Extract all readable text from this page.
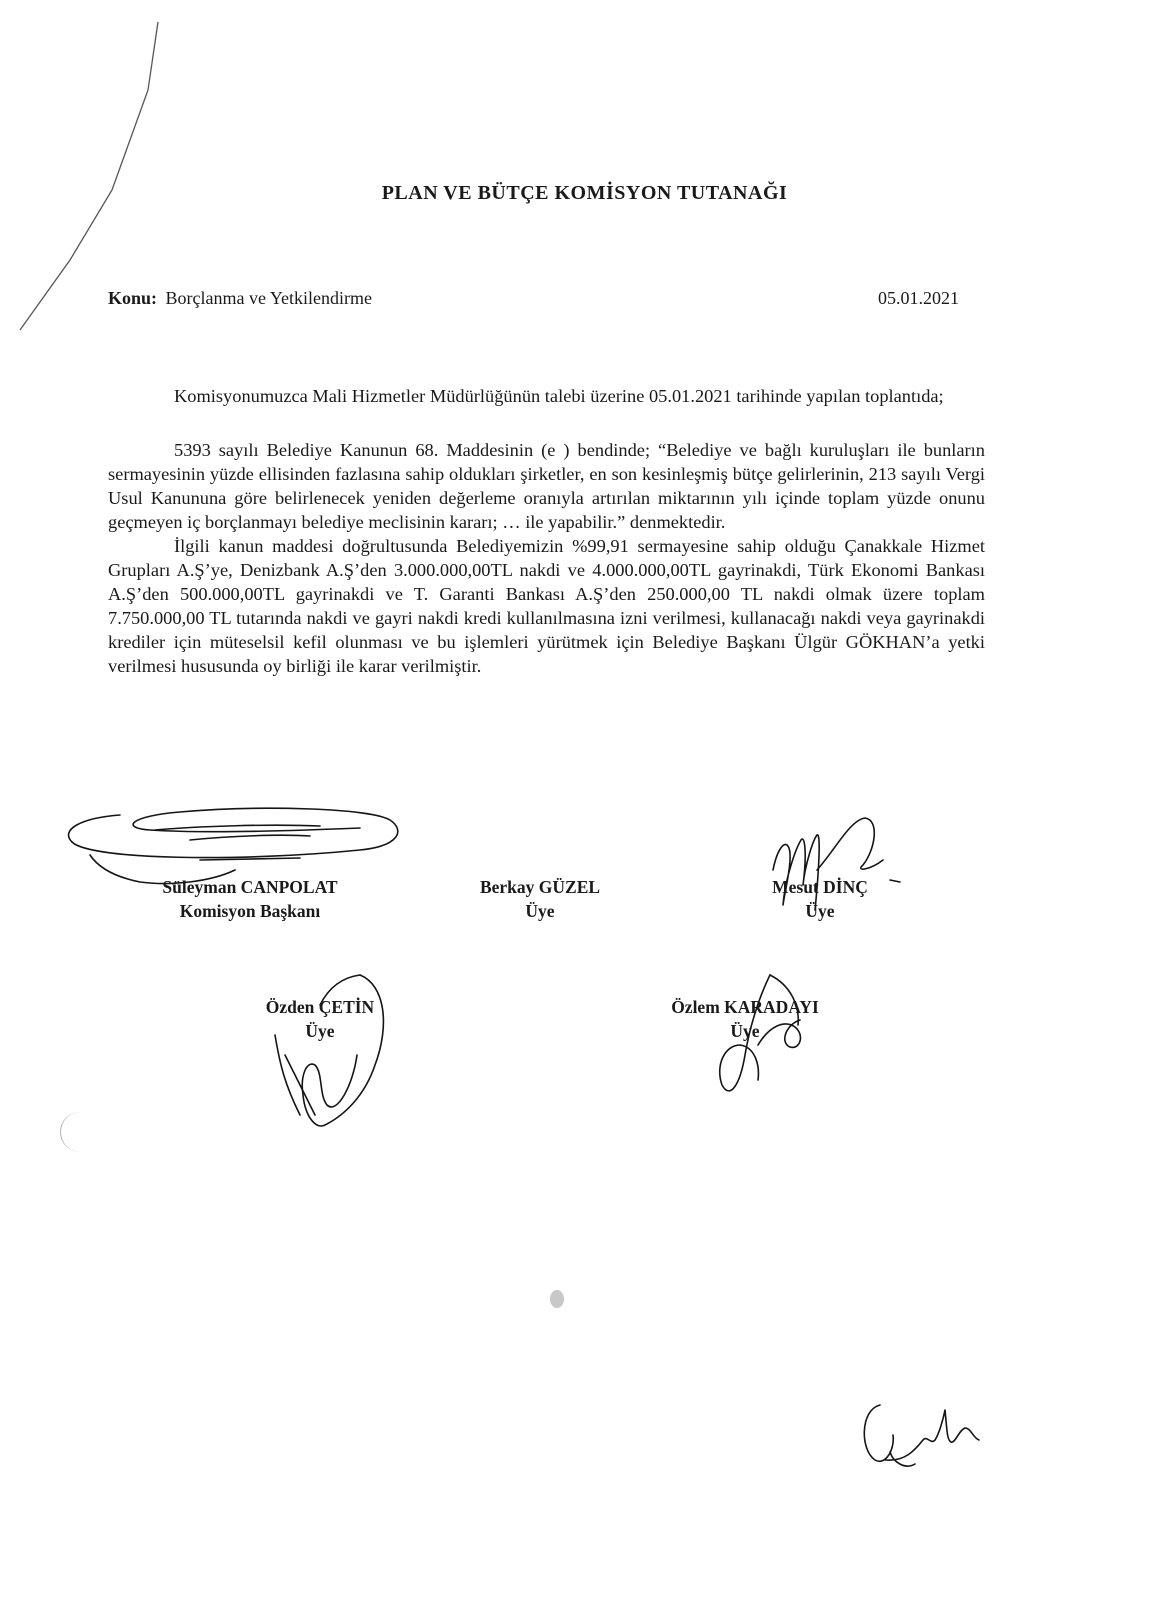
PLAN VE BÜTÇE KOMİSYON TUTANAĞI
Konu: Borçlanma ve Yetkilendirme	05.01.2021

Komisyonumuzca Mali Hizmetler Müdürlüğünün talebi üzerine 05.01.2021 tarihinde yapılan toplantıda;

5393 sayılı Belediye Kanunun 68. Maddesinin (e ) bendinde; “Belediye ve bağlı kuruluşları ile bunların sermayesinin yüzde ellisinden fazlasına sahip oldukları şirketler, en son kesinleşmiş bütçe gelirlerinin, 213 sayılı Vergi Usul Kanununa göre belirlenecek yeniden değerleme oranıyla artırılan miktarının yılı içinde toplam yüzde onunu geçmeyen iç borçlanmayı belediye meclisinin kararı; … ile yapabilir.” denmektedir.

İlgili kanun maddesi doğrultusunda Belediyemizin %99,91 sermayesine sahip olduğu Çanakkale Hizmet Grupları A.Ş’ye, Denizbank A.Ş’den 3.000.000,00TL nakdi ve 4.000.000,00TL gayrinakdi, Türk Ekonomi Bankası A.Ş’den 500.000,00TL gayrinakdi ve T. Garanti Bankası A.Ş’den 250.000,00 TL nakdi olmak üzere toplam 7.750.000,00 TL tutarında nakdi ve gayri nakdi kredi kullanılmasına izni verilmesi, kullanacağı nakdi veya gayrinakdi krediler için müteselsil kefil olunması ve bu işlemleri yürütmek için Belediye Başkanı Ülgür GÖKHAN’a yetki verilmesi hususunda oy birliği ile karar verilmiştir.

Süleyman CANPOLAT
Komisyon Başkanı
Berkay GÜZEL
Üye
Mesut DİNÇ
Üye
Özden ÇETİN
Üye
Özlem KARADAYI
Üye
